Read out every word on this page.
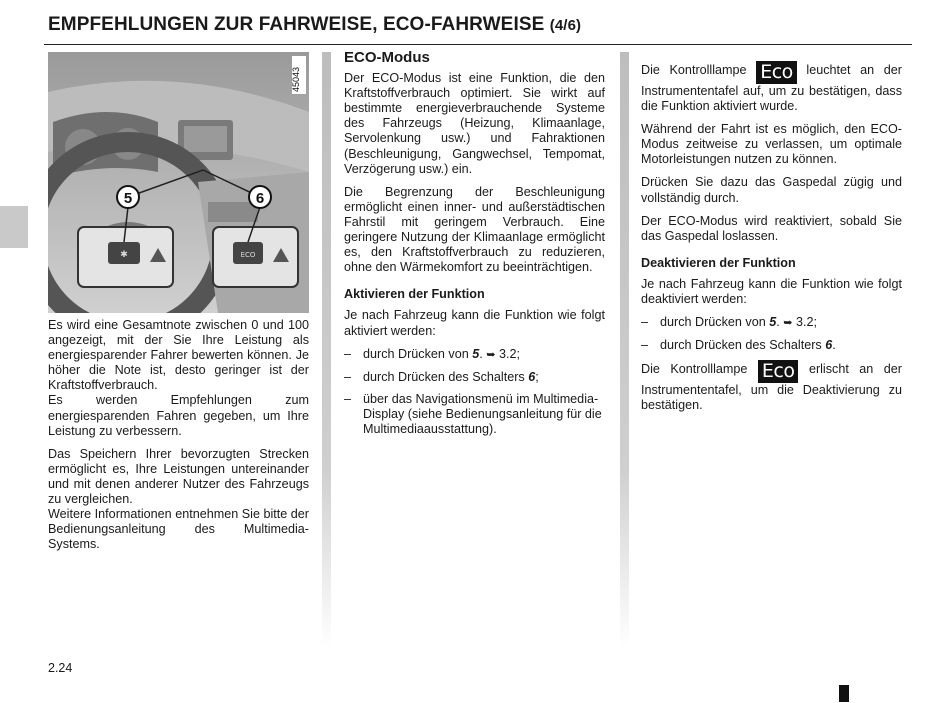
EMPFEHLUNGEN ZUR FAHRWEISE, ECO-FAHRWEISE (4/6)
✱	ECO
5	6
45043

Es wird eine Gesamtnote zwischen 0 und 100 angezeigt, mit der Sie Ihre Leistung als energiesparender Fahrer bewerten können. Je höher die Note ist, desto geringer ist der Kraftstoffverbrauch.

Es werden Empfehlungen zum energiesparenden Fahren gegeben, um Ihre Leistung zu verbessern.

Das Speichern Ihrer bevorzugten Strecken ermöglicht es, Ihre Leistungen untereinander und mit denen anderer Nutzer des Fahrzeugs zu vergleichen.

Weitere Informationen entnehmen Sie bitte der Bedienungsanleitung des Multimedia-Systems.

ECO-Modus

Der ECO-Modus ist eine Funktion, die den Kraftstoffverbrauch optimiert. Sie wirkt auf bestimmte energieverbrauchende Systeme des Fahrzeugs (Heizung, Klimaanlage, Servolenkung usw.) und Fahraktionen (Beschleunigung, Gangwechsel, Tempomat, Verzögerung usw.) ein.

Die Begrenzung der Beschleunigung ermöglicht einen inner- und außerstädtischen Fahrstil mit geringem Verbrauch. Eine geringere Nutzung der Klimaanlage ermöglicht es, den Kraftstoffverbrauch zu reduzieren, ohne den Wärmekomfort zu beeinträchtigen.

Aktivieren der Funktion

Je nach Fahrzeug kann die Funktion wie folgt aktiviert werden:

– durch Drücken von 5. ➥ 3.2;
– durch Drücken des Schalters 6;
– über das Navigationsmenü im Multimedia-Display (siehe Bedienungsanleitung für die Multimediaausstattung).

Die Kontrolllampe Eco leuchtet an der Instrumententafel auf, um zu bestätigen, dass die Funktion aktiviert wurde.

Während der Fahrt ist es möglich, den ECO-Modus zeitweise zu verlassen, um optimale Motorleistungen nutzen zu können.

Drücken Sie dazu das Gaspedal zügig und vollständig durch.

Der ECO-Modus wird reaktiviert, sobald Sie das Gaspedal loslassen.

Deaktivieren der Funktion

Je nach Fahrzeug kann die Funktion wie folgt deaktiviert werden:

– durch Drücken von 5. ➥ 3.2;
– durch Drücken des Schalters 6.

Die Kontrolllampe Eco erlischt an der Instrumententafel, um die Deaktivierung zu bestätigen.

2.24
